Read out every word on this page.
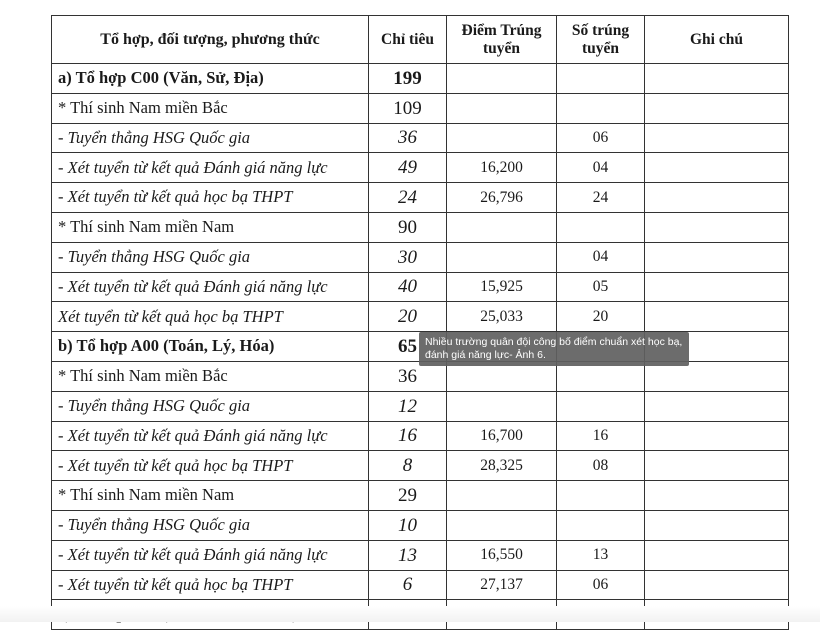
Tổ hợp, đối tượng, phương thức	Chỉ tiêu	Điểm Trúng tuyển	Số trúng tuyển	Ghi chú
a) Tổ hợp C00 (Văn, Sử, Địa)	199			
* Thí sinh Nam miền Bắc	109			
- Tuyển thẳng HSG Quốc gia	36		06	
- Xét tuyển từ kết quả Đánh giá năng lực	49	16,200	04	
- Xét tuyển từ kết quả học bạ THPT	24	26,796	24	
* Thí sinh Nam miền Nam	90			
- Tuyển thẳng HSG Quốc gia	30		04	
- Xét tuyển từ kết quả Đánh giá năng lực	40	15,925	05	
Xét tuyển từ kết quả học bạ THPT	20	25,033	20	
b) Tổ hợp A00 (Toán, Lý, Hóa)	65			
* Thí sinh Nam miền Bắc	36			
- Tuyển thẳng HSG Quốc gia	12			
- Xét tuyển từ kết quả Đánh giá năng lực	16	16,700	16	
- Xét tuyển từ kết quả học bạ THPT	8	28,325	08	
* Thí sinh Nam miền Nam	29			
- Tuyển thẳng HSG Quốc gia	10			
- Xét tuyển từ kết quả Đánh giá năng lực	13	16,550	13	
- Xét tuyển từ kết quả học bạ THPT	6	27,137	06	

Nhiều trường quân đội công bố điểm chuẩn xét học bạ, đánh giá năng lực- Ảnh 6.
